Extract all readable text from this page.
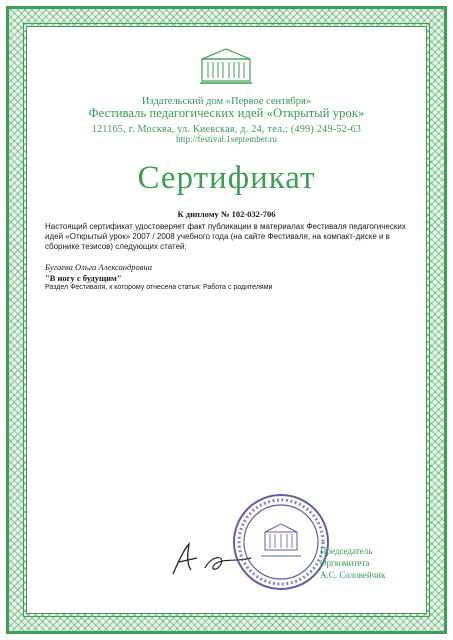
Издательский дом «Первое сентября»
Фестиваль педагогических идей «Открытый урок»
121165, г. Москва, ул. Киевская, д. 24, тел.: (499) 249-52-63
http://festival.1september.ru
Сертификат
К диплому № 102-032-706
Настоящий сертификат удостоверяет факт публикации в материалах Фестиваля педагогических идей «Открытый урок» 2007 / 2008 учебного года (на сайте Фестиваля, на компакт-диске и в сборнике тезисов) следующих статей:
Бугаева Ольга Александровна
"В ногу с будущим"
Раздел Фестиваля, к которому отнесена статья: Работа с родителями
Председатель
Оргкомитета
А.С. Соловейчик
